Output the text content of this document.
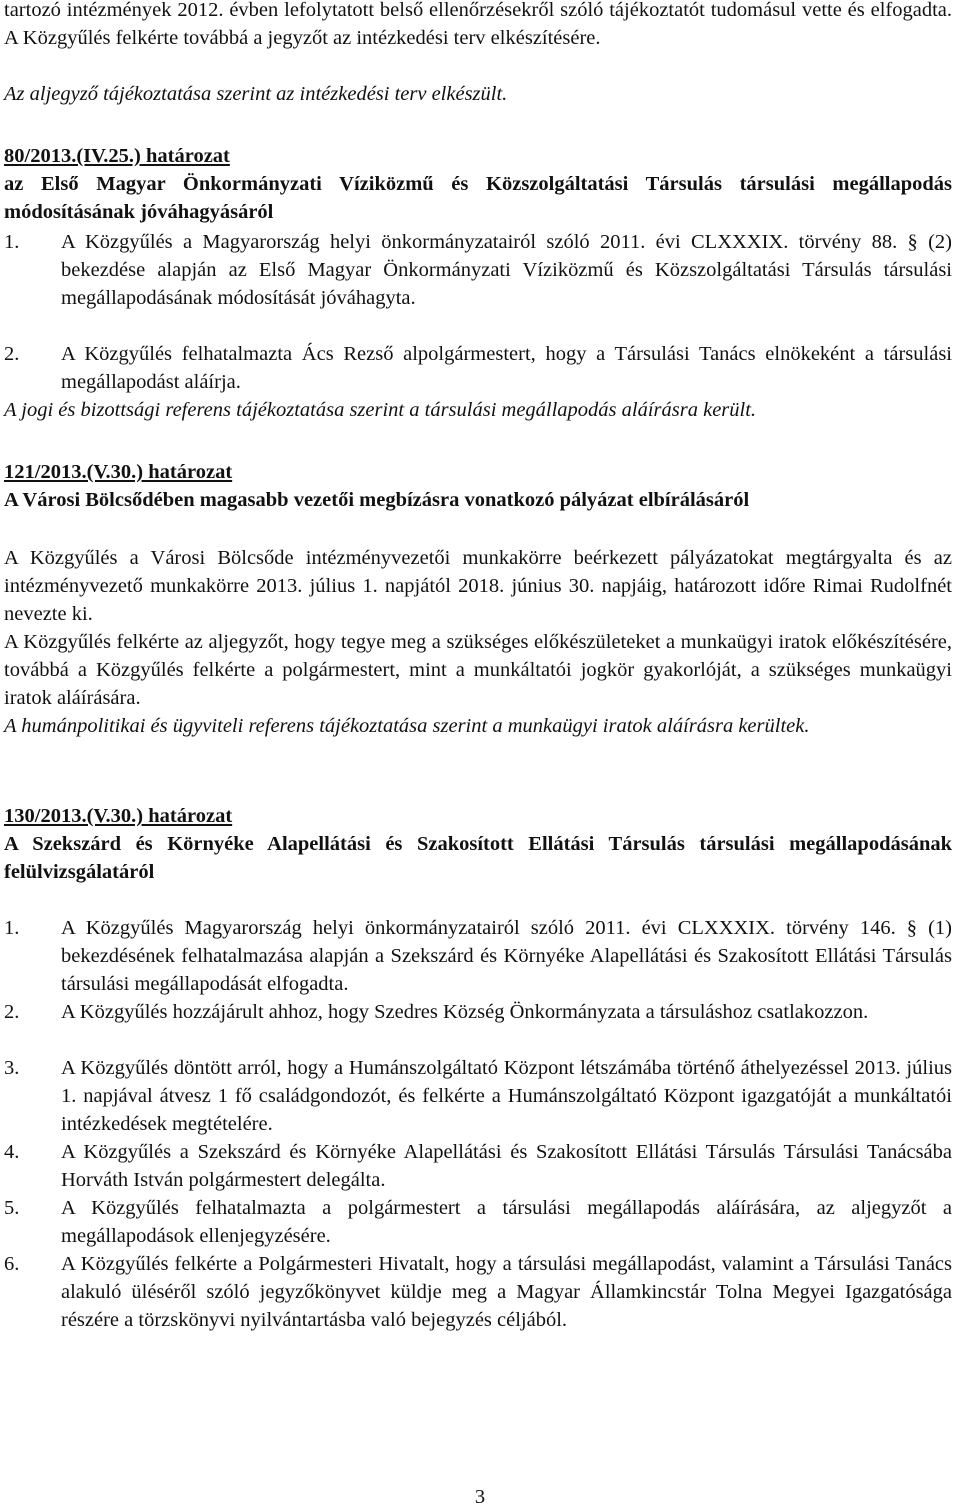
tartozó intézmények 2012. évben lefolytatott belső ellenőrzésekről szóló tájékoztatót tudomásul vette és elfogadta. A Közgyűlés felkérte továbbá a jegyzőt az intézkedési terv elkészítésére.
Az aljegyző tájékoztatása szerint az intézkedési terv elkészült.
80/2013.(IV.25.) határozat
az Első Magyar Önkormányzati Víziközmű és Közszolgáltatási Társulás társulási megállapodás módosításának jóváhagyásáról
1. A Közgyűlés a Magyarország helyi önkormányzatairól szóló 2011. évi CLXXXIX. törvény 88. § (2) bekezdése alapján az Első Magyar Önkormányzati Víziközmű és Közszolgáltatási Társulás társulási megállapodásának módosítását jóváhagyta.
2. A Közgyűlés felhatalmazta Ács Rezső alpolgármestert, hogy a Társulási Tanács elnökeként a társulási megállapodást aláírja.
A jogi és bizottsági referens tájékoztatása szerint a társulási megállapodás aláírásra került.
121/2013.(V.30.) határozat
A Városi Bölcsődében magasabb vezetői megbízásra vonatkozó pályázat elbírálásáról
A Közgyűlés a Városi Bölcsőde intézményvezetői munkakörre beérkezett pályázatokat megtárgyalta és az intézményvezető munkakörre 2013. július 1. napjától 2018. június 30. napjáig, határozott időre Rimai Rudolfnét nevezte ki.
A Közgyűlés felkérte az aljegyzőt, hogy tegye meg a szükséges előkészületeket a munkaügyi iratok előkészítésére, továbbá a Közgyűlés felkérte a polgármestert, mint a munkáltatói jogkör gyakorlóját, a szükséges munkaügyi iratok aláírására.
A humánpolitikai és ügyviteli referens tájékoztatása szerint a munkaügyi iratok aláírásra kerültek.
130/2013.(V.30.) határozat
A Szekszárd és Környéke Alapellátási és Szakosított Ellátási Társulás társulási megállapodásának felülvizsgálatáról
1. A Közgyűlés Magyarország helyi önkormányzatairól szóló 2011. évi CLXXXIX. törvény 146. § (1) bekezdésének felhatalmazása alapján a Szekszárd és Környéke Alapellátási és Szakosított Ellátási Társulás társulási megállapodását elfogadta.
2. A Közgyűlés hozzájárult ahhoz, hogy Szedres Község Önkormányzata a társuláshoz csatlakozzon.
3. A Közgyűlés döntött arról, hogy a Humánszolgáltató Központ létszámába történő áthelyezéssel 2013. július 1. napjával átvesz 1 fő családgondozót, és felkérte a Humánszolgáltató Központ igazgatóját a munkáltatói intézkedések megtételére.
4. A Közgyűlés a Szekszárd és Környéke Alapellátási és Szakosított Ellátási Társulás Társulási Tanácsába Horváth István polgármestert delegálta.
5. A Közgyűlés felhatalmazta a polgármestert a társulási megállapodás aláírására, az aljegyzőt a megállapodások ellenjegyzésére.
6. A Közgyűlés felkérte a Polgármesteri Hivatalt, hogy a társulási megállapodást, valamint a Társulási Tanács alakuló üléséről szóló jegyzőkönyvet küldje meg a Magyar Államkincstár Tolna Megyei Igazgatósága részére a törzskönyvi nyilvántartásba való bejegyzés céljából.
3
